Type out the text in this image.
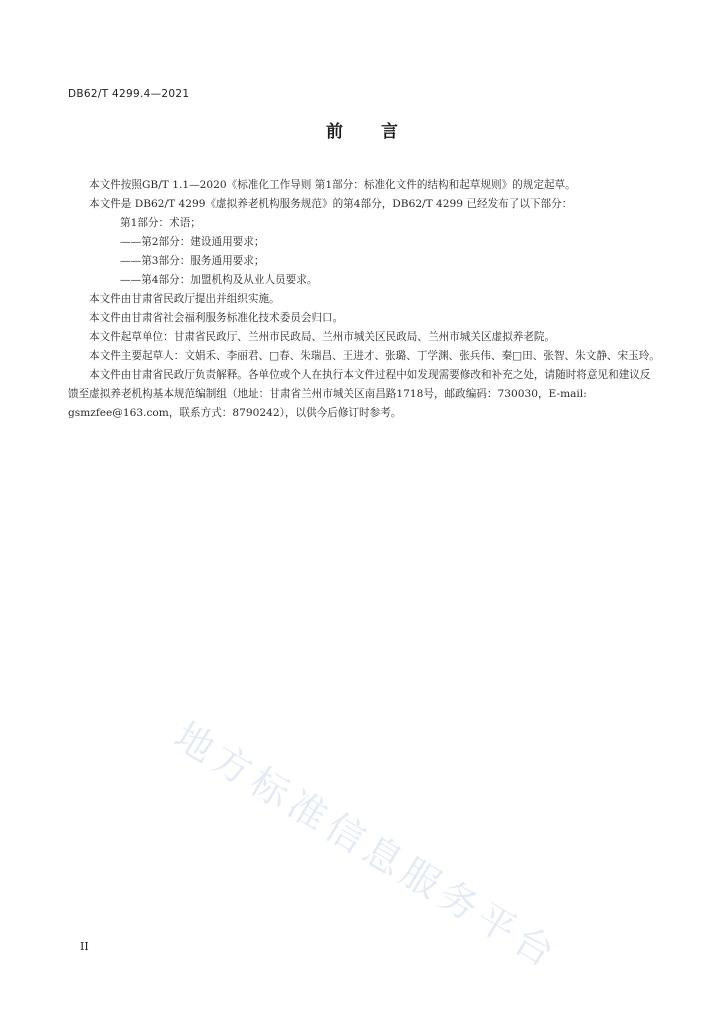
DB62/T 4299.4—2021
前 言

本文件按照GB/T 1.1—2020《标准化工作导则 第1部分：标准化文件的结构和起草规则》的规定起草。

本文件是 DB62/T 4299《虚拟养老机构服务规范》的第4部分，DB62/T 4299 已经发布了以下部分：

第1部分：术语；

——第2部分：建设通用要求；

——第3部分：服务通用要求；

——第4部分：加盟机构及从业人员要求。

本文件由甘肃省民政厅提出并组织实施。

本文件由甘肃省社会福利服务标准化技术委员会归口。

本文件起草单位：甘肃省民政厅、兰州市民政局、兰州市城关区民政局、兰州市城关区虚拟养老院。

本文件主要起草人：文娟禾、李丽君、□春、朱瑞昌、王进才、张璐、丁学渊、张兵伟、秦□田、张智、朱文静、宋玉玲。

本文件由甘肃省民政厅负责解释。各单位或个人在执行本文件过程中如发现需要修改和补充之处，请随时将意见和建议反馈至虚拟养老机构基本规范编制组（地址：甘肃省兰州市城关区南昌路1718号，邮政编码：730030，E-mail: gsmzfee@163.com，联系方式：8790242），以供今后修订时参考。

地方标准信息服务平台
II
